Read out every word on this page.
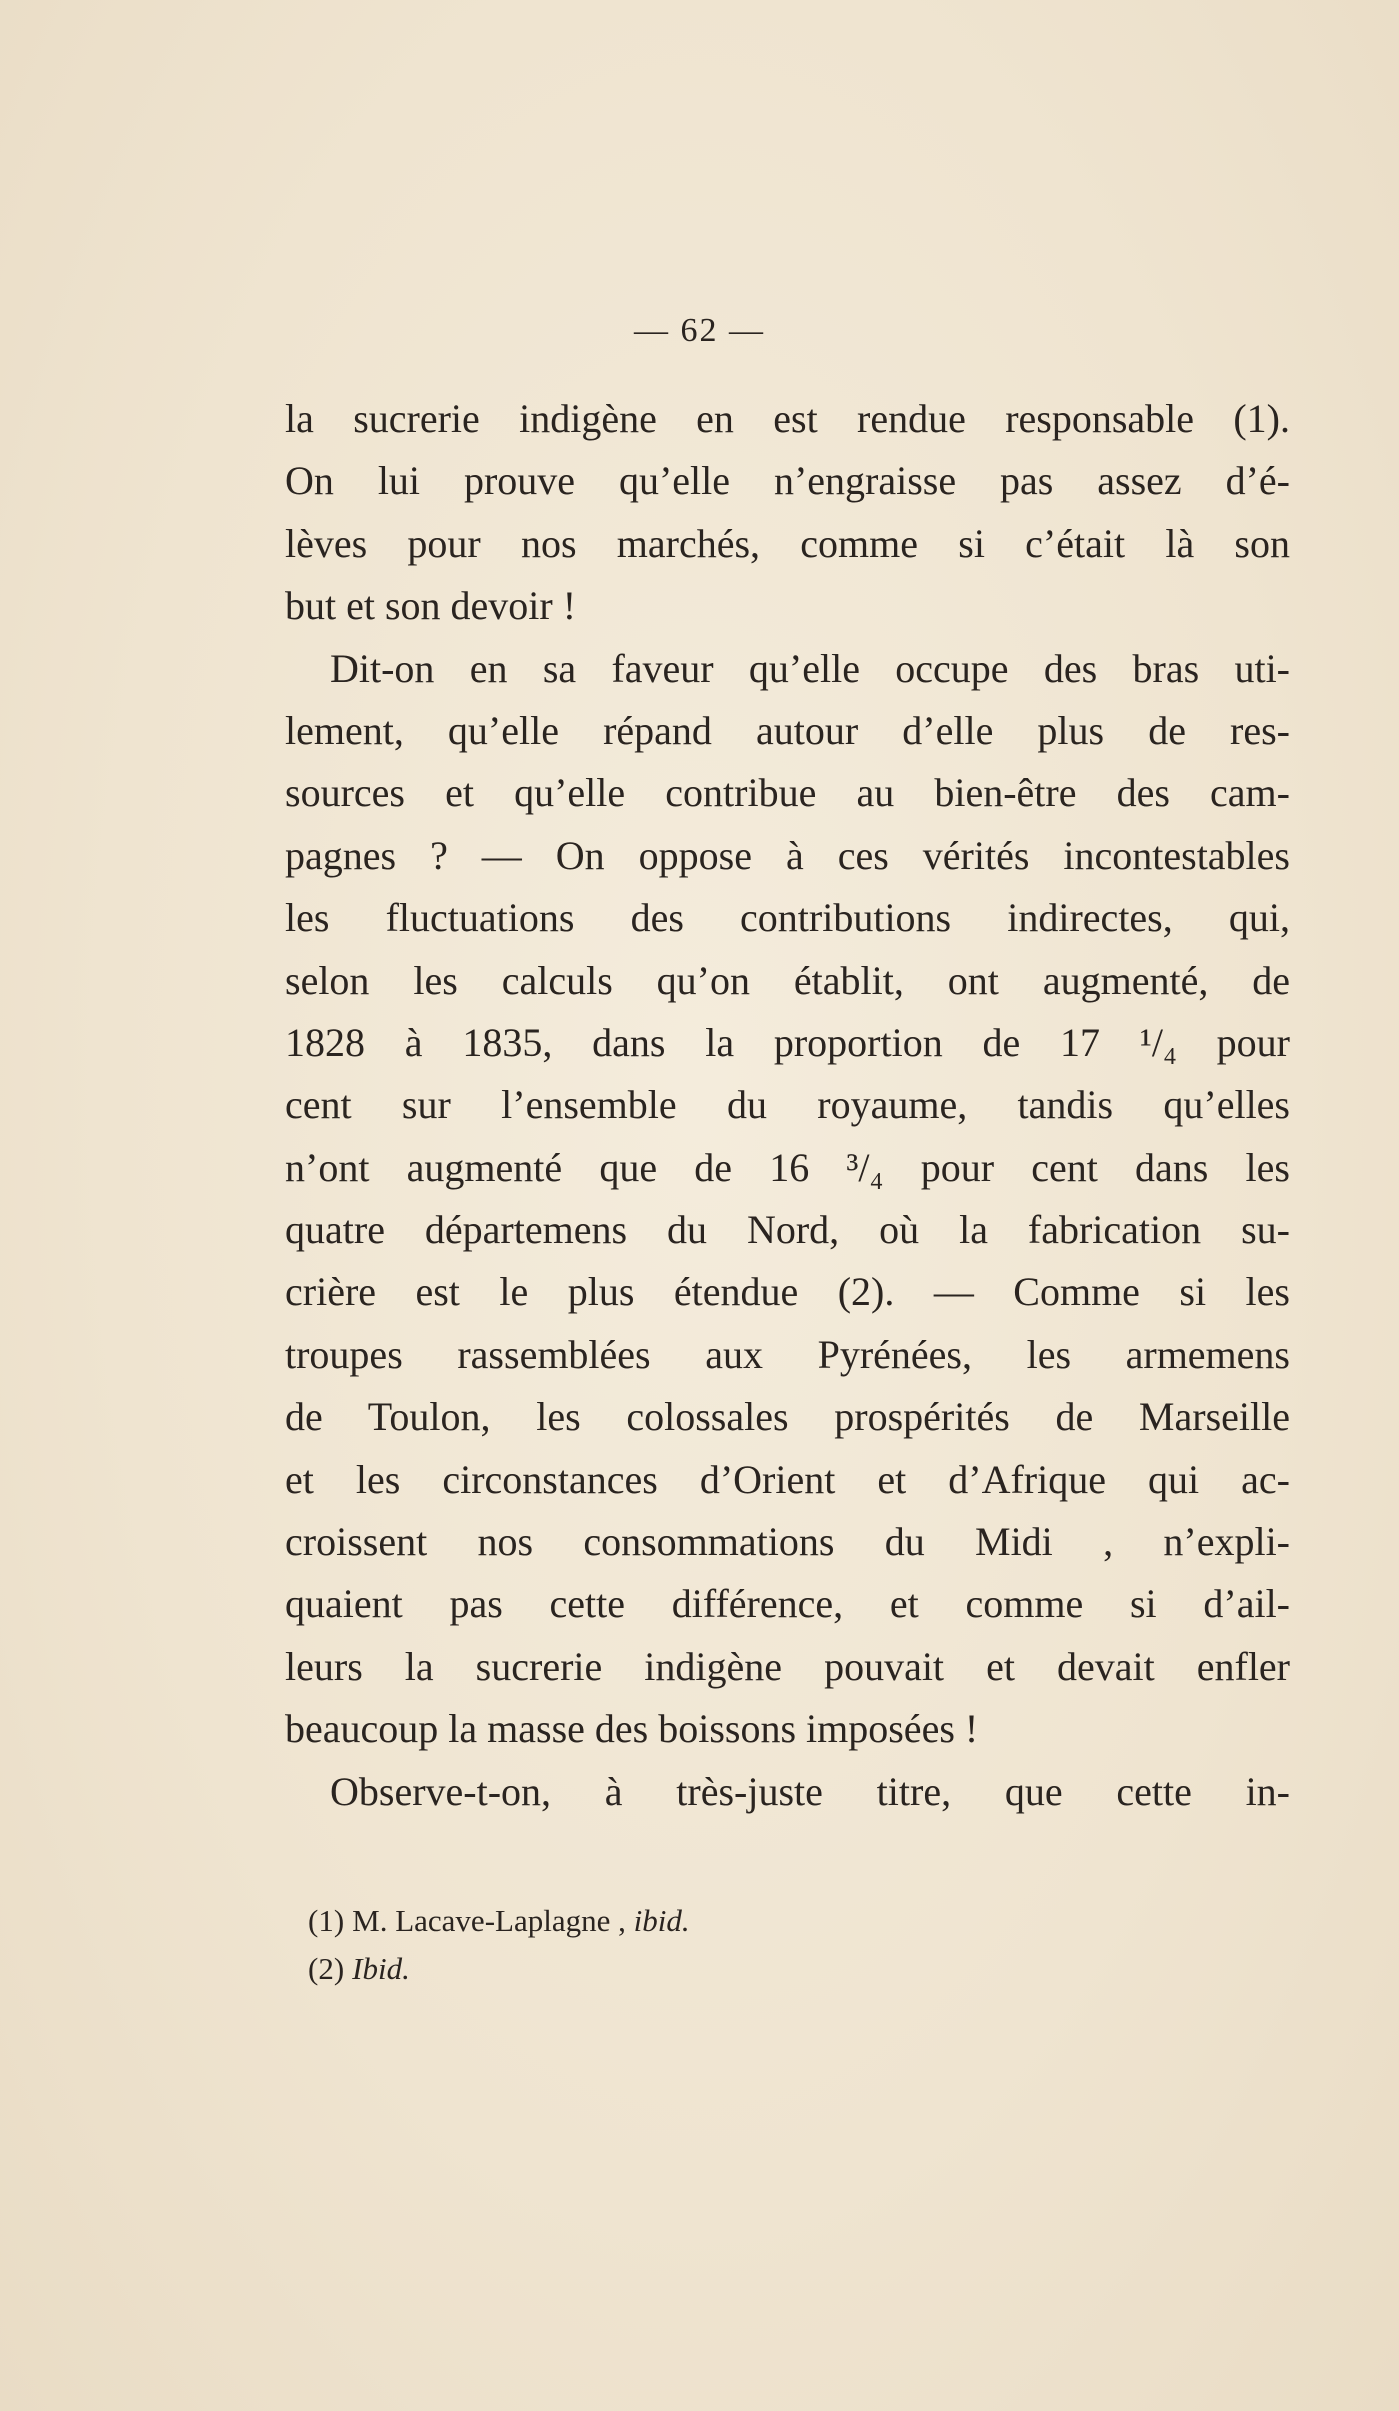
— 62 —
la sucrerie indigène en est rendue responsable (1).
On lui prouve qu’elle n’engraisse pas assez d’é-
lèves pour nos marchés, comme si c’était là son
but et son devoir !
Dit-on en sa faveur qu’elle occupe des bras uti-
lement, qu’elle répand autour d’elle plus de res-
sources et qu’elle contribue au bien-être des cam-
pagnes ? — On oppose à ces vérités incontestables
les fluctuations des contributions indirectes, qui,
selon les calculs qu’on établit, ont augmenté, de
1828 à 1835, dans la proportion de 17 ¹/₄ pour
cent sur l’ensemble du royaume, tandis qu’elles
n’ont augmenté que de 16 ³/₄ pour cent dans les
quatre départemens du Nord, où la fabrication su-
crière est le plus étendue (2). — Comme si les
troupes rassemblées aux Pyrénées, les armemens
de Toulon, les colossales prospérités de Marseille
et les circonstances d’Orient et d’Afrique qui ac-
croissent nos consommations du Midi , n’expli-
quaient pas cette différence, et comme si d’ail-
leurs la sucrerie indigène pouvait et devait enfler
beaucoup la masse des boissons imposées !
Observe-t-on, à très-juste titre, que cette in-
(1) M. Lacave-Laplagne , ibid.
(2) Ibid.
